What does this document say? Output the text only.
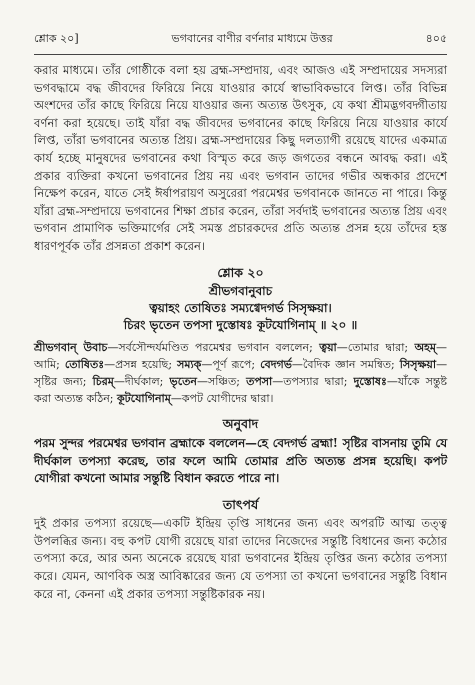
শ্লোক ২০]	ভগবানের বাণীর বর্ণনার মাধ্যমে উত্তর	৪০৫

করার মাধ্যমে। তাঁর গোষ্ঠীকে বলা হয় ব্রহ্ম-সম্প্রদায়, এবং আজও এই সম্প্রদায়ের সদস্যরা ভগবদ্ধামে বদ্ধ জীবদের ফিরিয়ে নিয়ে যাওয়ার কার্যে স্বাভাবিকভাবে লিপ্ত। তাঁর বিভিন্ন অংশদের তাঁর কাছে ফিরিয়ে নিয়ে যাওয়ার জন্য অত্যন্ত উৎসুক, যে কথা শ্রীমদ্ভগবদ্গীতায় বর্ণনা করা হয়েছে। তাই যাঁরা বদ্ধ জীবদের ভগবানের কাছে ফিরিয়ে নিয়ে যাওয়ার কার্যে লিপ্ত, তাঁরা ভগবানের অত্যন্ত প্রিয়। ব্রহ্ম-সম্প্রদায়ের কিছু দলত্যাগী রয়েছে যাদের একমাত্র কার্য হচ্ছে মানুষদের ভগবানের কথা বিস্মৃত করে জড় জগতের বন্ধনে আবদ্ধ করা। এই প্রকার ব্যক্তিরা কখনো ভগবানের প্রিয় নয় এবং ভগবান তাদের গভীর অন্ধকার প্রদেশে নিক্ষেপ করেন, যাতে সেই ঈর্ষাপরায়ণ অসুরেরা পরমেশ্বর ভগবানকে জানতে না পারে। কিন্তু যাঁরা ব্রহ্ম-সম্প্রদায়ে ভগবানের শিক্ষা প্রচার করেন, তাঁরা সর্বদাই ভগবানের অত্যন্ত প্রিয় এবং ভগবান প্রামাণিক ভক্তিমার্গের সেই সমস্ত প্রচারকদের প্রতি অত্যন্ত প্রসন্ন হয়ে তাঁদের হস্ত ধারণপূর্বক তাঁর প্রসন্নতা প্রকাশ করেন।

শ্লোক ২০
শ্রীভগবানুবাচ
ত্বয়াহং তোষিতঃ সম্যগ্বেদগর্ভ সিসৃক্ষয়া।
চিরং ভৃতেন তপসা দুস্তোষঃ কূটযোগিনাম্ ॥ ২০ ॥

শ্রীভগবান্ উবাচ—সর্বসৌন্দর্যমণ্ডিত পরমেশ্বর ভগবান বললেন; ত্বয়া—তোমার দ্বারা; অহম্—আমি; তোষিতঃ—প্রসন্ন হয়েছি; সম্যক্—পূর্ণ রূপে; বেদগর্ভ—বৈদিক জ্ঞান সমন্বিত; সিসৃক্ষয়া—সৃষ্টির জন্য; চিরম্—দীর্ঘকাল; ভৃতেন—সঞ্চিত; তপসা—তপস্যার দ্বারা; দুস্তোষঃ—যাঁকে সন্তুষ্ট করা অত্যন্ত কঠিন; কূটযোগিনাম্—কপট যোগীদের দ্বারা।

অনুবাদ

পরম সুন্দর পরমেশ্বর ভগবান ব্রহ্মাকে বললেন—হে বেদগর্ভ ব্রহ্মা! সৃষ্টির বাসনায় তুমি যে দীর্ঘকাল তপস্যা করেছ, তার ফলে আমি তোমার প্রতি অত্যন্ত প্রসন্ন হয়েছি। কপট যোগীরা কখনো আমার সন্তুষ্টি বিধান করতে পারে না।

তাৎপর্য

দুই প্রকার তপস্যা রয়েছে—একটি ইন্দ্রিয় তৃপ্তি সাধনের জন্য এবং অপরটি আত্ম তত্ত্ব উপলব্ধির জন্য। বহু কপট যোগী রয়েছে যারা তাদের নিজেদের সন্তুষ্টি বিধানের জন্য কঠোর তপস্যা করে, আর অন্য অনেকে রয়েছে যারা ভগবানের ইন্দ্রিয় তৃপ্তির জন্য কঠোর তপস্যা করে। যেমন, আণবিক অস্ত্র আবিষ্কারের জন্য যে তপস্যা তা কখনো ভগবানের সন্তুষ্টি বিধান করে না, কেননা এই প্রকার তপস্যা সন্তুষ্টিকারক নয়।
